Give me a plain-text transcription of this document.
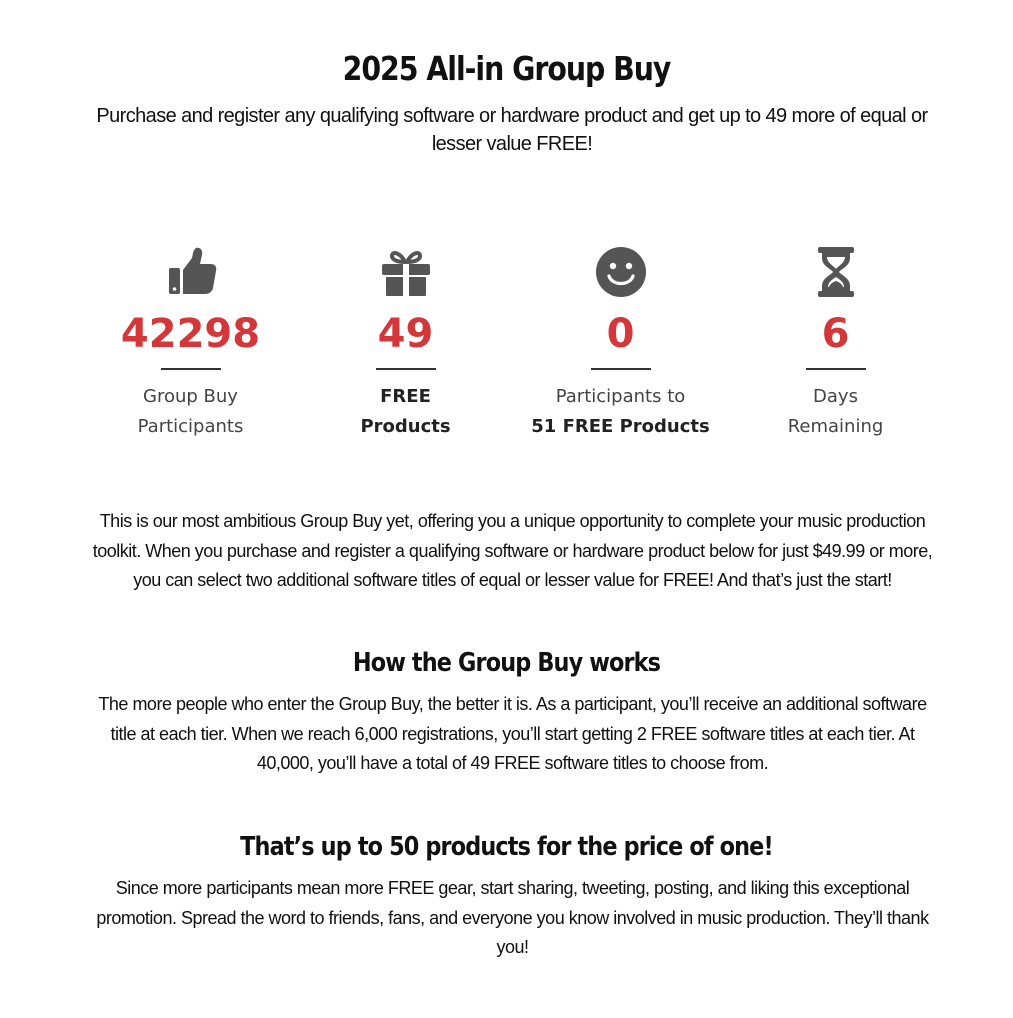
2025 All-in Group Buy

Purchase and register any qualifying software or hardware product and get up to 49 more of equal or lesser value FREE!

42298
Group Buy
Participants
49
FREE
Products
0
Participants to
51 FREE Products
6
Days
Remaining

This is our most ambitious Group Buy yet, offering you a unique opportunity to complete your music production toolkit. When you purchase and register a qualifying software or hardware product below for just $49.99 or more, you can select two additional software titles of equal or lesser value for FREE! And that’s just the start!

How the Group Buy works

The more people who enter the Group Buy, the better it is. As a participant, you’ll receive an additional software title at each tier. When we reach 6,000 registrations, you’ll start getting 2 FREE software titles at each tier. At 40,000, you’ll have a total of 49 FREE software titles to choose from.

That’s up to 50 products for the price of one!

Since more participants mean more FREE gear, start sharing, tweeting, posting, and liking this exceptional promotion. Spread the word to friends, fans, and everyone you know involved in music production. They’ll thank you!
